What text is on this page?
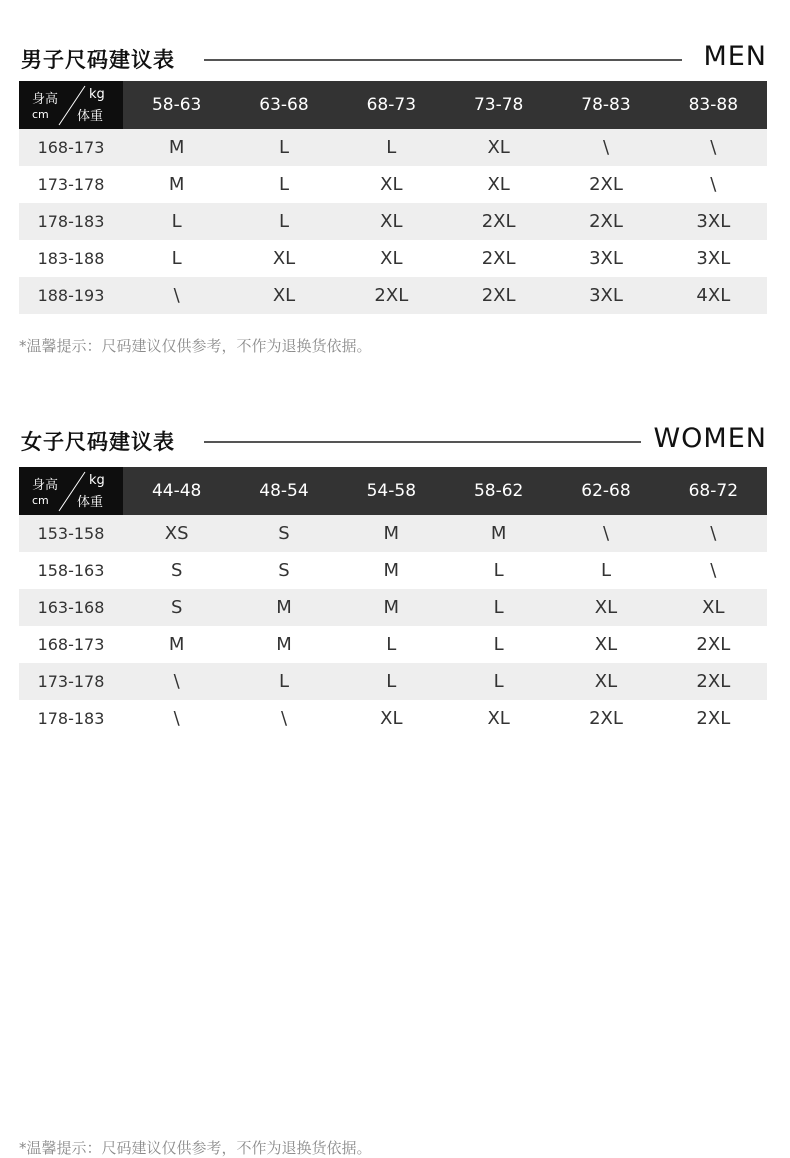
男子尺码建议表	MEN
身高
cm
kg
体重	58-63	63-68	68-73	73-78	78-83	83-88
168-173	M	L	L	XL	\	\
173-178	M	L	XL	XL	2XL	\
178-183	L	L	XL	2XL	2XL	3XL
183-188	L	XL	XL	2XL	3XL	3XL
188-193	\	XL	2XL	2XL	3XL	4XL
*温馨提示：尺码建议仅供参考，不作为退换货依据。
女子尺码建议表	WOMEN
身高
cm
kg
体重	44-48	48-54	54-58	58-62	62-68	68-72
153-158	XS	S	M	M	\	\
158-163	S	S	M	L	L	\
163-168	S	M	M	L	XL	XL
168-173	M	M	L	L	XL	2XL
173-178	\	L	L	L	XL	2XL
178-183	\	\	XL	XL	2XL	2XL
*温馨提示：尺码建议仅供参考，不作为退换货依据。
